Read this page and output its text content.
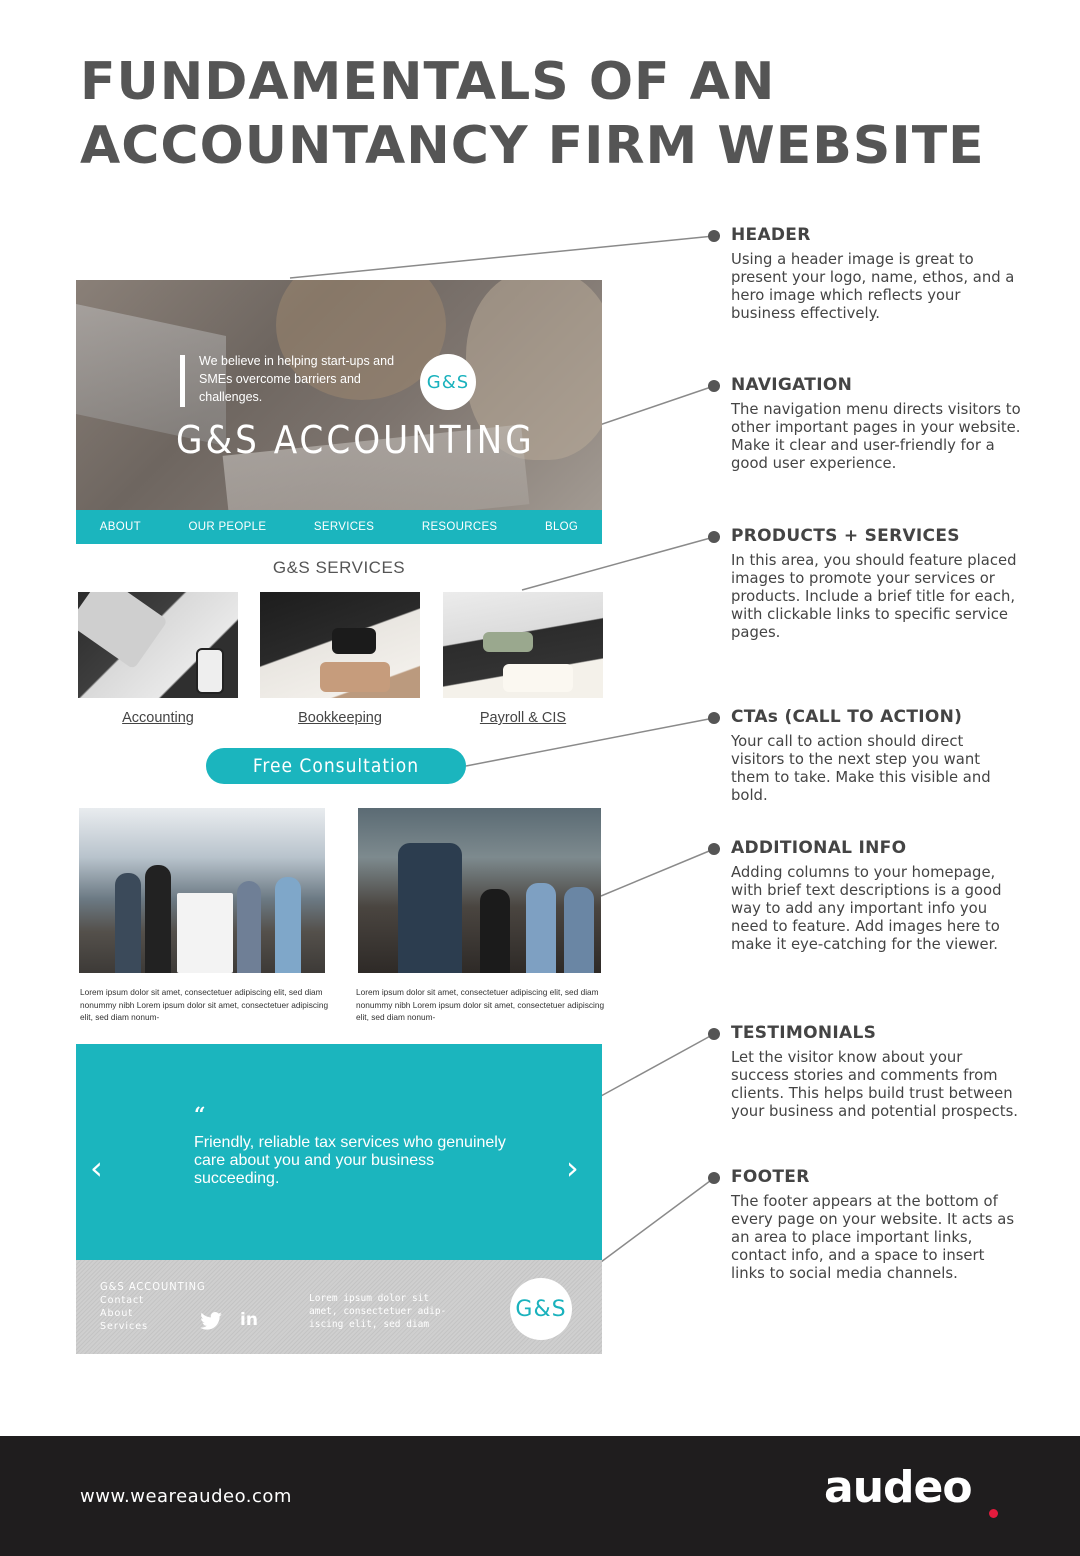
FUNDAMENTALS OF AN
ACCOUNTANCY FIRM WEBSITE
We believe in helping start-ups and SMEs overcome barriers and challenges.
G&S
G&S ACCOUNTING
ABOUT	OUR PEOPLE	SERVICES	RESOURCES	BLOG
G&S SERVICES
Accounting	Bookkeeping	Payroll & CIS
Free Consultation
Lorem ipsum dolor sit amet, consectetuer adipiscing elit, sed diam nonummy nibh Lorem ipsum dolor sit amet, consectetuer adipiscing elit, sed diam nonum-
Lorem ipsum dolor sit amet, consectetuer adipiscing elit, sed diam nonummy nibh Lorem ipsum dolor sit amet, consectetuer adipiscing elit, sed diam nonum-
“
Friendly, reliable tax services who genuinely care about you and your business succeeding.
‹	›
G&S ACCOUNTING
Contact
About
Services	in
Lorem ipsum dolor sit amet, consectetuer adip-iscing elit, sed diam
G&S
HEADER
Using a header image is great to present your logo, name, ethos, and a hero image which reflects your business effectively.
NAVIGATION
The navigation menu directs visitors to other important pages in your website. Make it clear and user-friendly for a good user experience.
PRODUCTS + SERVICES
In this area, you should feature placed images to promote your services or products. Include a brief title for each, with clickable links to specific service pages.
CTAs (CALL TO ACTION)
Your call to action should direct visitors to the next step you want them to take. Make this visible and bold.
ADDITIONAL INFO
Adding columns to your homepage, with brief text descriptions is a good way to add any important info you need to feature. Add images here to make it eye-catching for the viewer.
TESTIMONIALS
Let the visitor know about your success stories and comments from clients. This helps build trust between your business and potential prospects.
FOOTER
The footer appears at the bottom of every page on your website. It acts as an area to place important links, contact info, and a space to insert links to social media channels.
www.weareaudeo.com	audeo
